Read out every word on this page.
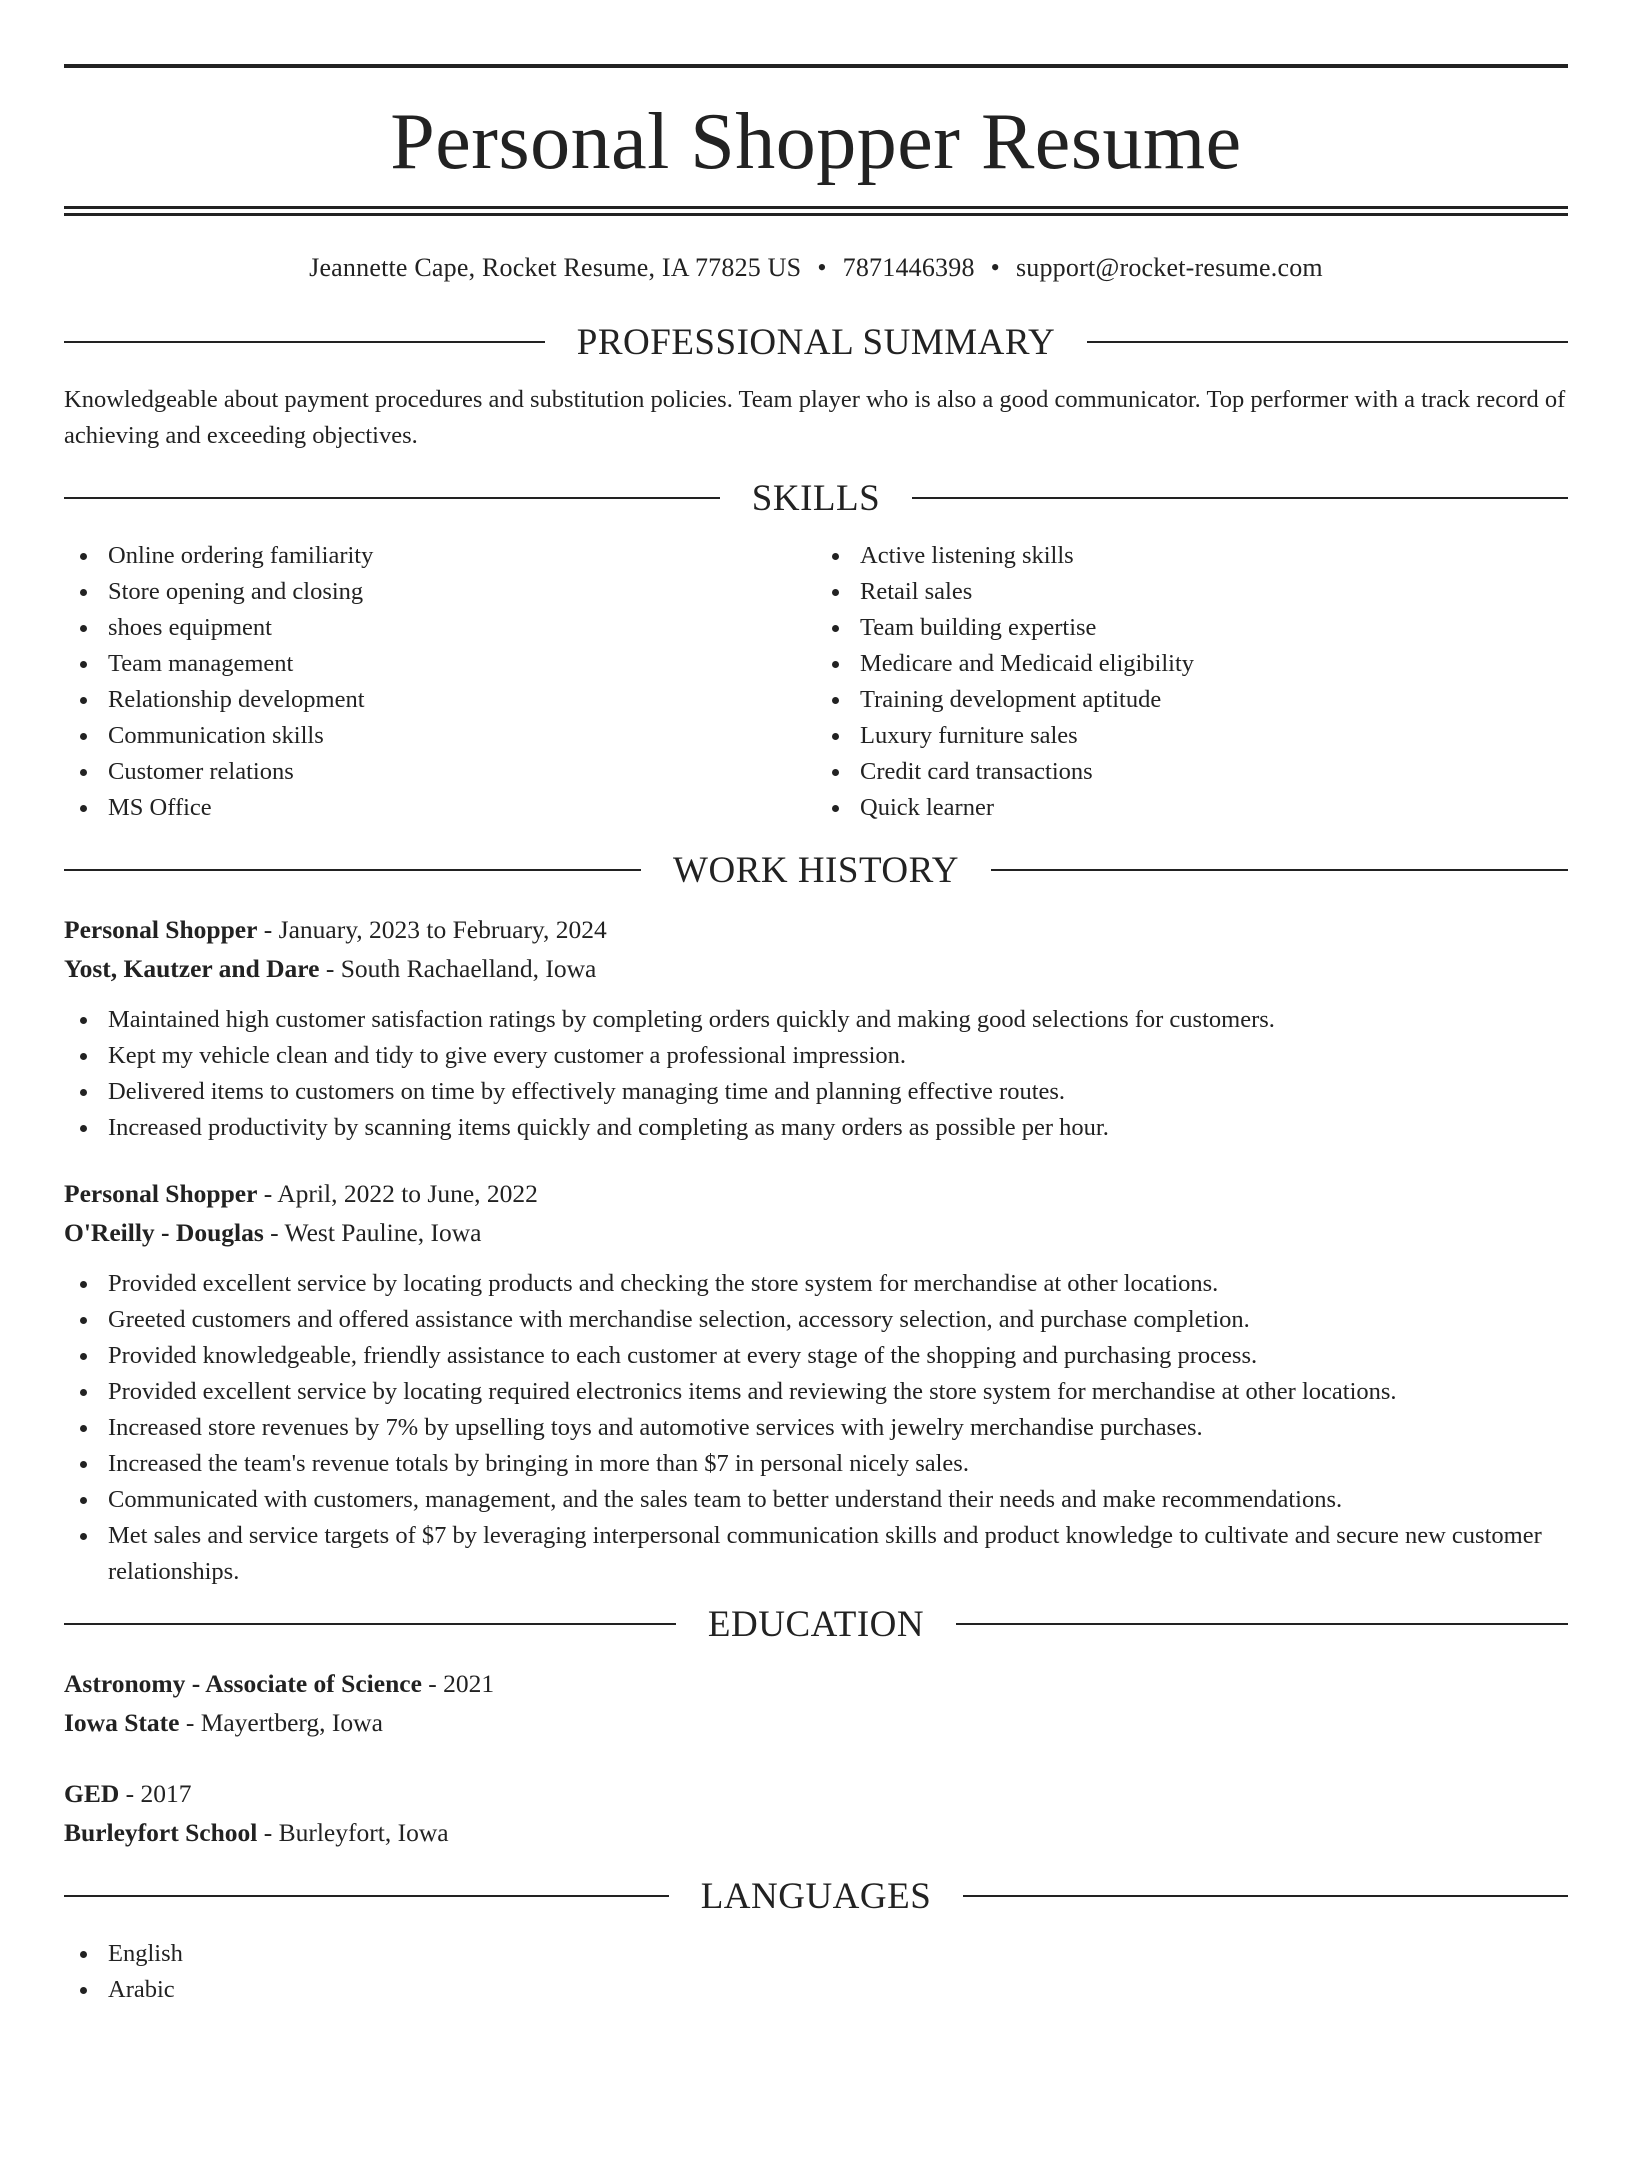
Personal Shopper Resume
Jeannette Cape, Rocket Resume, IA 77825 US • 7871446398 • support@rocket-resume.com
PROFESSIONAL SUMMARY

Knowledgeable about payment procedures and substitution policies. Team player who is also a good communicator. Top performer with a track record of achieving and exceeding objectives.

SKILLS
Online ordering familiarity
Store opening and closing
shoes equipment
Team management
Relationship development
Communication skills
Customer relations
MS Office
Active listening skills
Retail sales
Team building expertise
Medicare and Medicaid eligibility
Training development aptitude
Luxury furniture sales
Credit card transactions
Quick learner
WORK HISTORY
Personal Shopper - January, 2023 to February, 2024
Yost, Kautzer and Dare - South Rachaelland, Iowa
Maintained high customer satisfaction ratings by completing orders quickly and making good selections for customers.
Kept my vehicle clean and tidy to give every customer a professional impression.
Delivered items to customers on time by effectively managing time and planning effective routes.
Increased productivity by scanning items quickly and completing as many orders as possible per hour.
Personal Shopper - April, 2022 to June, 2022
O'Reilly - Douglas - West Pauline, Iowa
Provided excellent service by locating products and checking the store system for merchandise at other locations.
Greeted customers and offered assistance with merchandise selection, accessory selection, and purchase completion.
Provided knowledgeable, friendly assistance to each customer at every stage of the shopping and purchasing process.
Provided excellent service by locating required electronics items and reviewing the store system for merchandise at other locations.
Increased store revenues by 7% by upselling toys and automotive services with jewelry merchandise purchases.
Increased the team's revenue totals by bringing in more than $7 in personal nicely sales.
Communicated with customers, management, and the sales team to better understand their needs and make recommendations.
Met sales and service targets of $7 by leveraging interpersonal communication skills and product knowledge to cultivate and secure new customer relationships.
EDUCATION
Astronomy - Associate of Science - 2021
Iowa State - Mayertberg, Iowa
GED - 2017
Burleyfort School - Burleyfort, Iowa
LANGUAGES
English
Arabic
